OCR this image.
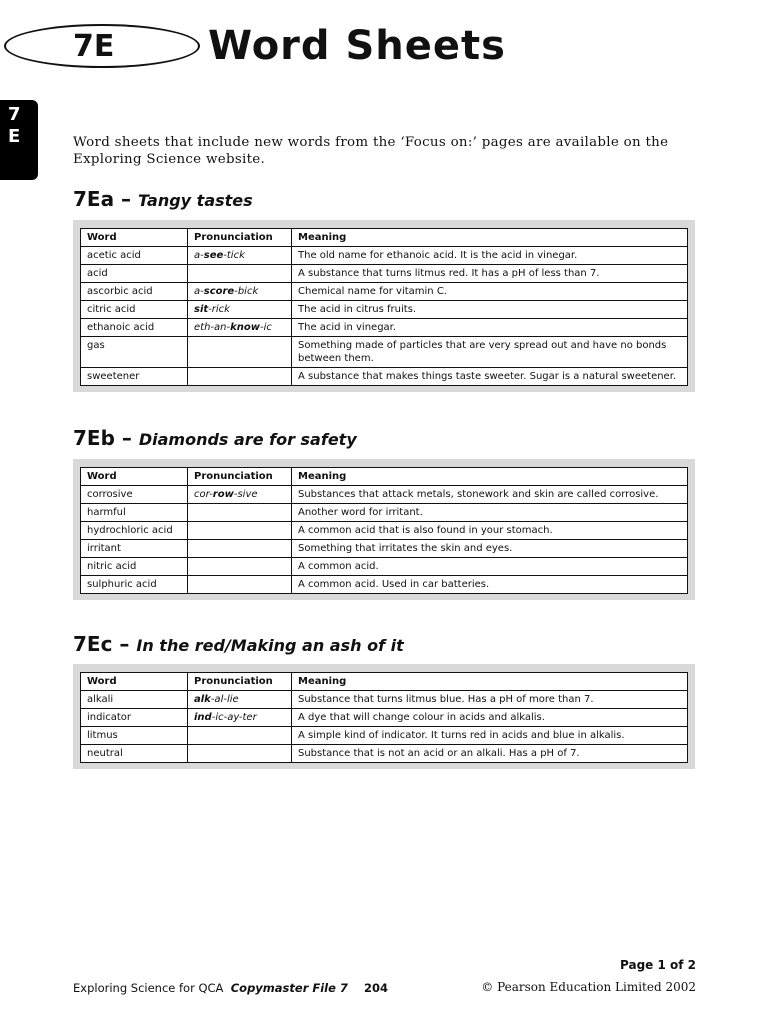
7E Word Sheets
7
E	Word sheets that include new words from the ‘Focus on:’ pages are available on the Exploring Science website.

7Ea – Tangy tastes
Word	Pronunciation	Meaning
acetic acid	a-see-tick	The old name for ethanoic acid. It is the acid in vinegar.
acid		A substance that turns litmus red. It has a pH of less than 7.
ascorbic acid	a-score-bick	Chemical name for vitamin C.
citric acid	sit-rick	The acid in citrus fruits.
ethanoic acid	eth-an-know-ic	The acid in vinegar.
gas		Something made of particles that are very spread out and have no bonds between them.
sweetener		A substance that makes things taste sweeter. Sugar is a natural sweetener.
7Eb – Diamonds are for safety
Word	Pronunciation	Meaning
corrosive	cor-row-sive	Substances that attack metals, stonework and skin are called corrosive.
harmful		Another word for irritant.
hydrochloric acid		A common acid that is also found in your stomach.
irritant		Something that irritates the skin and eyes.
nitric acid		A common acid.
sulphuric acid		A common acid. Used in car batteries.
7Ec – In the red/Making an ash of it
Word	Pronunciation	Meaning
alkali	alk-al-lie	Substance that turns litmus blue. Has a pH of more than 7.
indicator	ind-ic-ay-ter	A dye that will change colour in acids and alkalis.
litmus		A simple kind of indicator. It turns red in acids and blue in alkalis.
neutral		Substance that is not an acid or an alkali. Has a pH of 7.
Page 1 of 2
Exploring Science for QCA Copymaster File 7 204	© Pearson Education Limited 2002
